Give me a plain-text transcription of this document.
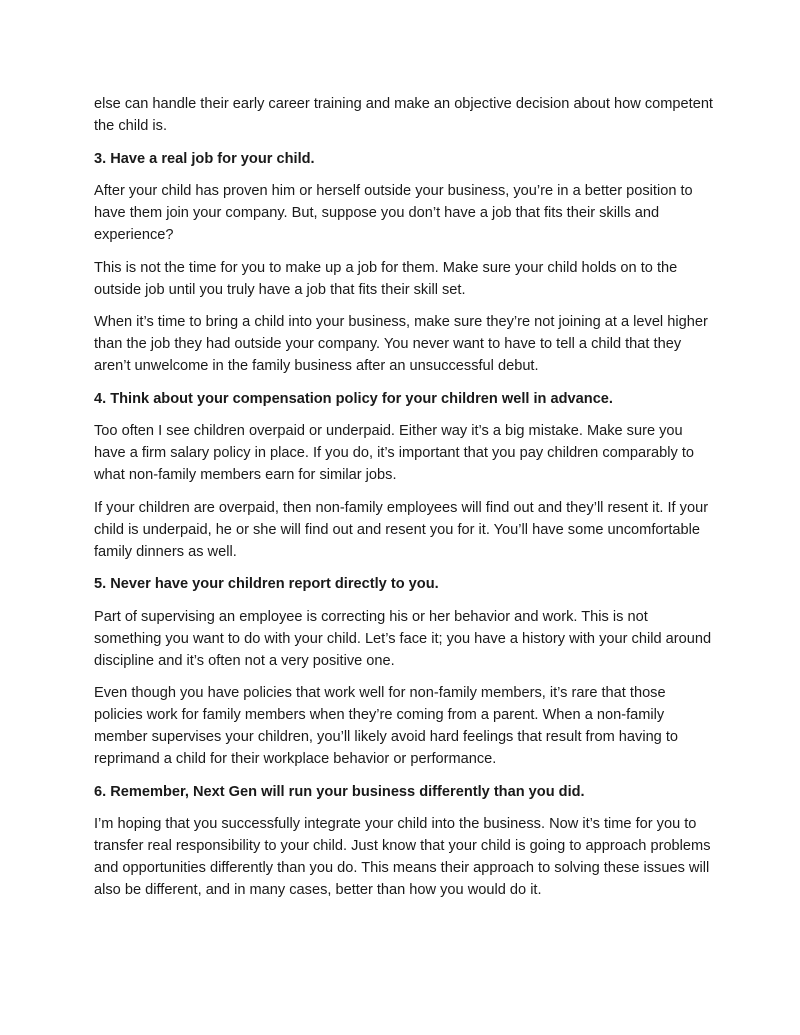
else can handle their early career training and make an objective decision about how competent the child is.

3. Have a real job for your child.

After your child has proven him or herself outside your business, you’re in a better position to have them join your company. But, suppose you don’t have a job that fits their skills and experience?

This is not the time for you to make up a job for them. Make sure your child holds on to the outside job until you truly have a job that fits their skill set.

When it’s time to bring a child into your business, make sure they’re not joining at a level higher than the job they had outside your company. You never want to have to tell a child that they aren’t unwelcome in the family business after an unsuccessful debut.

4. Think about your compensation policy for your children well in advance.

Too often I see children overpaid or underpaid. Either way it’s a big mistake. Make sure you have a firm salary policy in place. If you do, it’s important that you pay children comparably to what non-family members earn for similar jobs.

If your children are overpaid, then non-family employees will find out and they’ll resent it. If your child is underpaid, he or she will find out and resent you for it. You’ll have some uncomfortable family dinners as well.

5. Never have your children report directly to you.

Part of supervising an employee is correcting his or her behavior and work. This is not something you want to do with your child. Let’s face it; you have a history with your child around discipline and it’s often not a very positive one.

Even though you have policies that work well for non-family members, it’s rare that those policies work for family members when they’re coming from a parent. When a non-family member supervises your children, you’ll likely avoid hard feelings that result from having to reprimand a child for their workplace behavior or performance.

6. Remember, Next Gen will run your business differently than you did.

I’m hoping that you successfully integrate your child into the business. Now it’s time for you to transfer real responsibility to your child. Just know that your child is going to approach problems and opportunities differently than you do. This means their approach to solving these issues will also be different, and in many cases, better than how you would do it.
